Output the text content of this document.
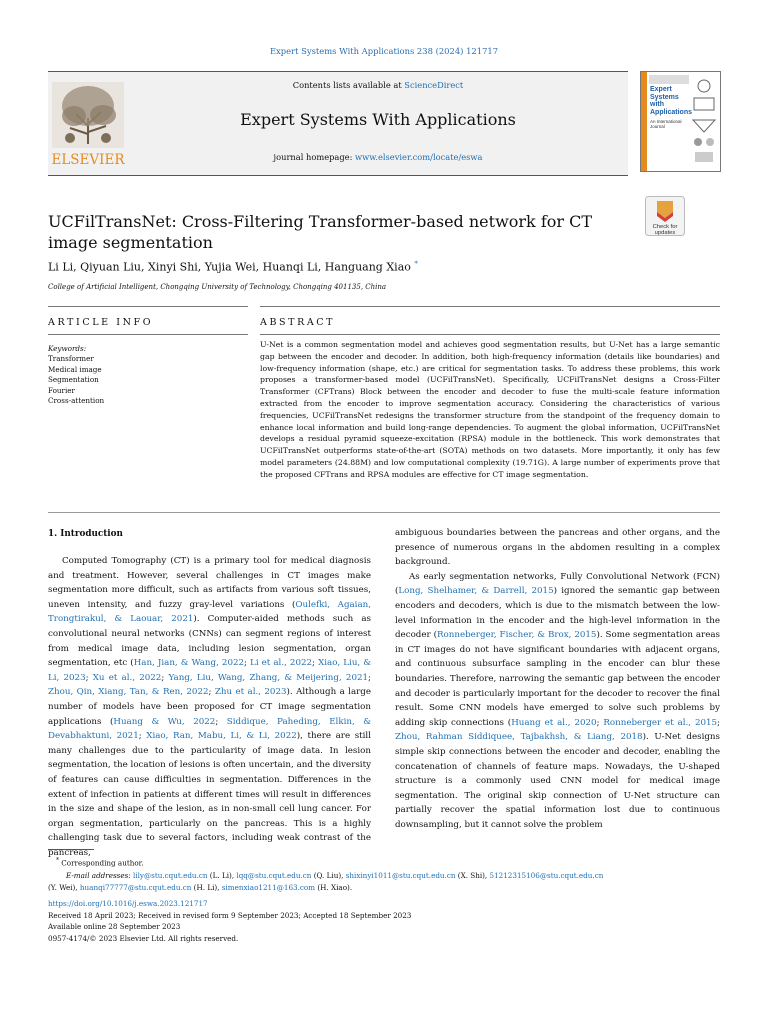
Expert Systems With Applications 238 (2024) 121717
ELSEVIER
Contents lists available at ScienceDirect
Expert Systems With Applications
journal homepage: www.elsevier.com/locate/eswa
Expert Systems with Applications
An International Journal
UCFilTransNet: Cross-Filtering Transformer-based network for CT image segmentation
Check for
updates
Li Li, Qiyuan Liu, Xinyi Shi, Yujia Wei, Huanqi Li, Hanguang Xiao *
College of Artificial Intelligent, Chongqing University of Technology, Chongqing 401135, China
ARTICLE INFO	ABSTRACT
Keywords:
Transformer
Medical image
Segmentation
Fourier
Cross-attention
U-Net is a common segmentation model and achieves good segmentation results, but U-Net has a large semantic gap between the encoder and decoder. In addition, both high-frequency information (details like boundaries) and low-frequency information (shape, etc.) are critical for segmentation tasks. To address these problems, this work proposes a transformer-based model (UCFilTransNet). Specifically, UCFilTransNet designs a Cross-Filter Transformer (CFTrans) Block between the encoder and decoder to fuse the multi-scale feature information extracted from the encoder to improve segmentation accuracy. Considering the characteristics of various frequencies, UCFilTransNet redesigns the transformer structure from the standpoint of the frequency domain to enhance local information and build long-range dependencies. To augment the global information, UCFilTransNet develops a residual pyramid squeeze-excitation (RPSA) module in the bottleneck. This work demonstrates that UCFilTransNet outperforms state-of-the-art (SOTA) methods on two datasets. More importantly, it only has few model parameters (24.88M) and low computational complexity (19.71G). A large number of experiments prove that the proposed CFTrans and RPSA modules are effective for CT image segmentation.
1. Introduction

Computed Tomography (CT) is a primary tool for medical diagnosis and treatment. However, several challenges in CT images make segmentation more difficult, such as artifacts from various soft tissues, uneven intensity, and fuzzy gray-level variations (Oulefki, Agaian, Trongtirakul, & Laouar, 2021). Computer-aided methods such as convolutional neural networks (CNNs) can segment regions of interest from medical image data, including lesion segmentation, organ segmentation, etc (Han, Jian, & Wang, 2022; Li et al., 2022; Xiao, Liu, & Li, 2023; Xu et al., 2022; Yang, Liu, Wang, Zhang, & Meijering, 2021; Zhou, Qin, Xiang, Tan, & Ren, 2022; Zhu et al., 2023). Although a large number of models have been proposed for CT image segmentation applications (Huang & Wu, 2022; Siddique, Paheding, Elkin, & Devabhaktuni, 2021; Xiao, Ran, Mabu, Li, & Li, 2022), there are still many challenges due to the particularity of image data. In lesion segmentation, the location of lesions is often uncertain, and the diversity of features can cause difficulties in segmentation. Differences in the extent of infection in patients at different times will result in differences in the size and shape of the lesion, as in non-small cell lung cancer. For organ segmentation, particularly on the pancreas. This is a highly challenging task due to several factors, including weak contrast of the pancreas,

ambiguous boundaries between the pancreas and other organs, and the presence of numerous organs in the abdomen resulting in a complex background.

As early segmentation networks, Fully Convolutional Network (FCN) (Long, Shelhamer, & Darrell, 2015) ignored the semantic gap between encoders and decoders, which is due to the mismatch between the low-level information in the encoder and the high-level information in the decoder (Ronneberger, Fischer, & Brox, 2015). Some segmentation areas in CT images do not have significant boundaries with adjacent organs, and continuous subsurface sampling in the encoder can blur these boundaries. Therefore, narrowing the semantic gap between the encoder and decoder is particularly important for the decoder to recover the final result. Some CNN models have emerged to solve such problems by adding skip connections (Huang et al., 2020; Ronneberger et al., 2015; Zhou, Rahman Siddiquee, Tajbakhsh, & Liang, 2018). U-Net designs simple skip connections between the encoder and decoder, enabling the concatenation of channels of feature maps. Nowadays, the U-shaped structure is a commonly used CNN model for medical image segmentation. The original skip connection of U-Net structure can partially recover the spatial information lost due to continuous downsampling, but it cannot solve the problem

* Corresponding author.
E-mail addresses: lily@stu.cqut.edu.cn (L. Li), lqq@stu.cqut.edu.cn (Q. Liu), shixinyi1011@stu.cqut.edu.cn (X. Shi), 51212315106@stu.cqut.edu.cn
(Y. Wei), huanqi77777@stu.cqut.edu.cn (H. Li), simenxiao1211@163.com (H. Xiao).
https://doi.org/10.1016/j.eswa.2023.121717
Received 18 April 2023; Received in revised form 9 September 2023; Accepted 18 September 2023
Available online 28 September 2023
0957-4174/© 2023 Elsevier Ltd. All rights reserved.
